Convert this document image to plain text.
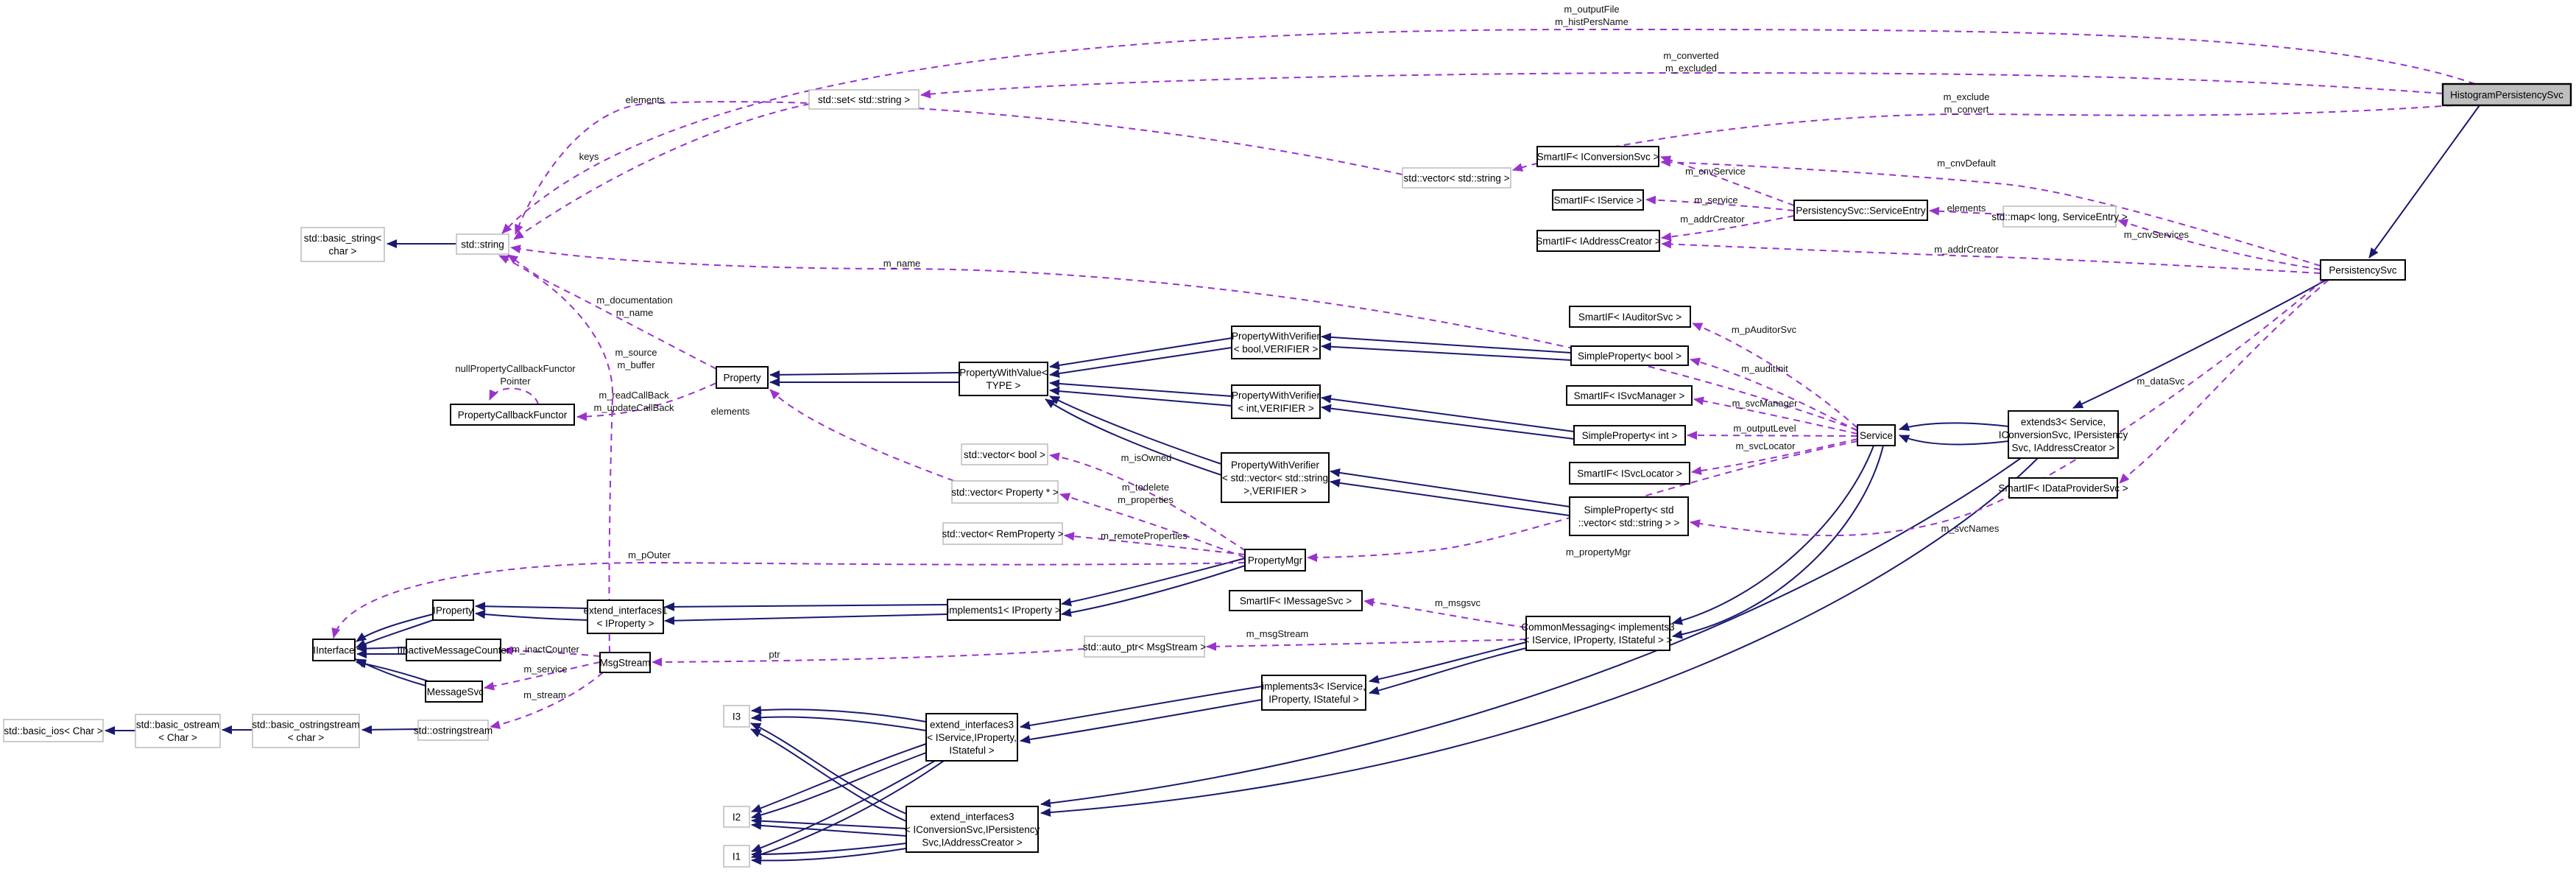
m_outputFile m_histPersName
m_converted m_excluded
m_exclude m_convert
m_cnvDefault
keys
elements
m_cnvService
m_service
m_addrCreator
elements
m_cnvServices
m_addrCreator
m_name
m_documentation m_name
m_source m_buffer
nullPropertyCallbackFunctor Pointer
m_readCallBack m_updateCallBack	elements
m_isOwned
m_todelete m_properties
m_remoteProperties
m_pOuter
m_pAuditorSvc
m_auditInit
m_svcManager
m_outputLevel
m_svcLocator
m_dataSvc
m_svcNames
m_propertyMgr
m_msgsvc
m_msgStream
m_inactCounter
m_service
m_stream
ptr
std::basic_string< char >
std::string
std::set< std::string >
std::vector< std::string >
SmartIF< IConversionSvc >
SmartIF< IService >
SmartIF< IAddressCreator >
PersistencySvc::ServiceEntry
std::map< long, ServiceEntry >
HistogramPersistencySvc
PersistencySvc
Property	PropertyWithValue< TYPE >
PropertyWithVerifier < bool,VERIFIER >
PropertyWithVerifier < int,VERIFIER >
PropertyWithVerifier < std::vector< std::string >,VERIFIER >
std::vector< bool >
std::vector< Property * >
std::vector< RemProperty >
PropertyMgr
SmartIF< IAuditorSvc >
SimpleProperty< bool >
SmartIF< ISvcManager >
SimpleProperty< int >
SmartIF< ISvcLocator >
SimpleProperty< std ::vector< std::string > >
Service
extends3< Service, IConversionSvc, IPersistency Svc, IAddressCreator >
SmartIF< IDataProviderSvc >
PropertyCallbackFunctor
extend_interfaces1 < IProperty >
implements1< IProperty >
SmartIF< IMessageSvc >
std::auto_ptr< MsgStream >
CommonMessaging< implements3 < IService, IProperty, IStateful > >
implements3< IService, IProperty, IStateful >
extend_interfaces3 < IService,IProperty, IStateful >
extend_interfaces3 < IConversionSvc,IPersistency Svc,IAddressCreator >
I3
I2
I1
IProperty
IInterface	IInactiveMessageCounter
IMessageSvc
MsgStream
std::basic_ios< Char >
std::basic_ostream < Char >
std::basic_ostringstream < char >
std::ostringstream
